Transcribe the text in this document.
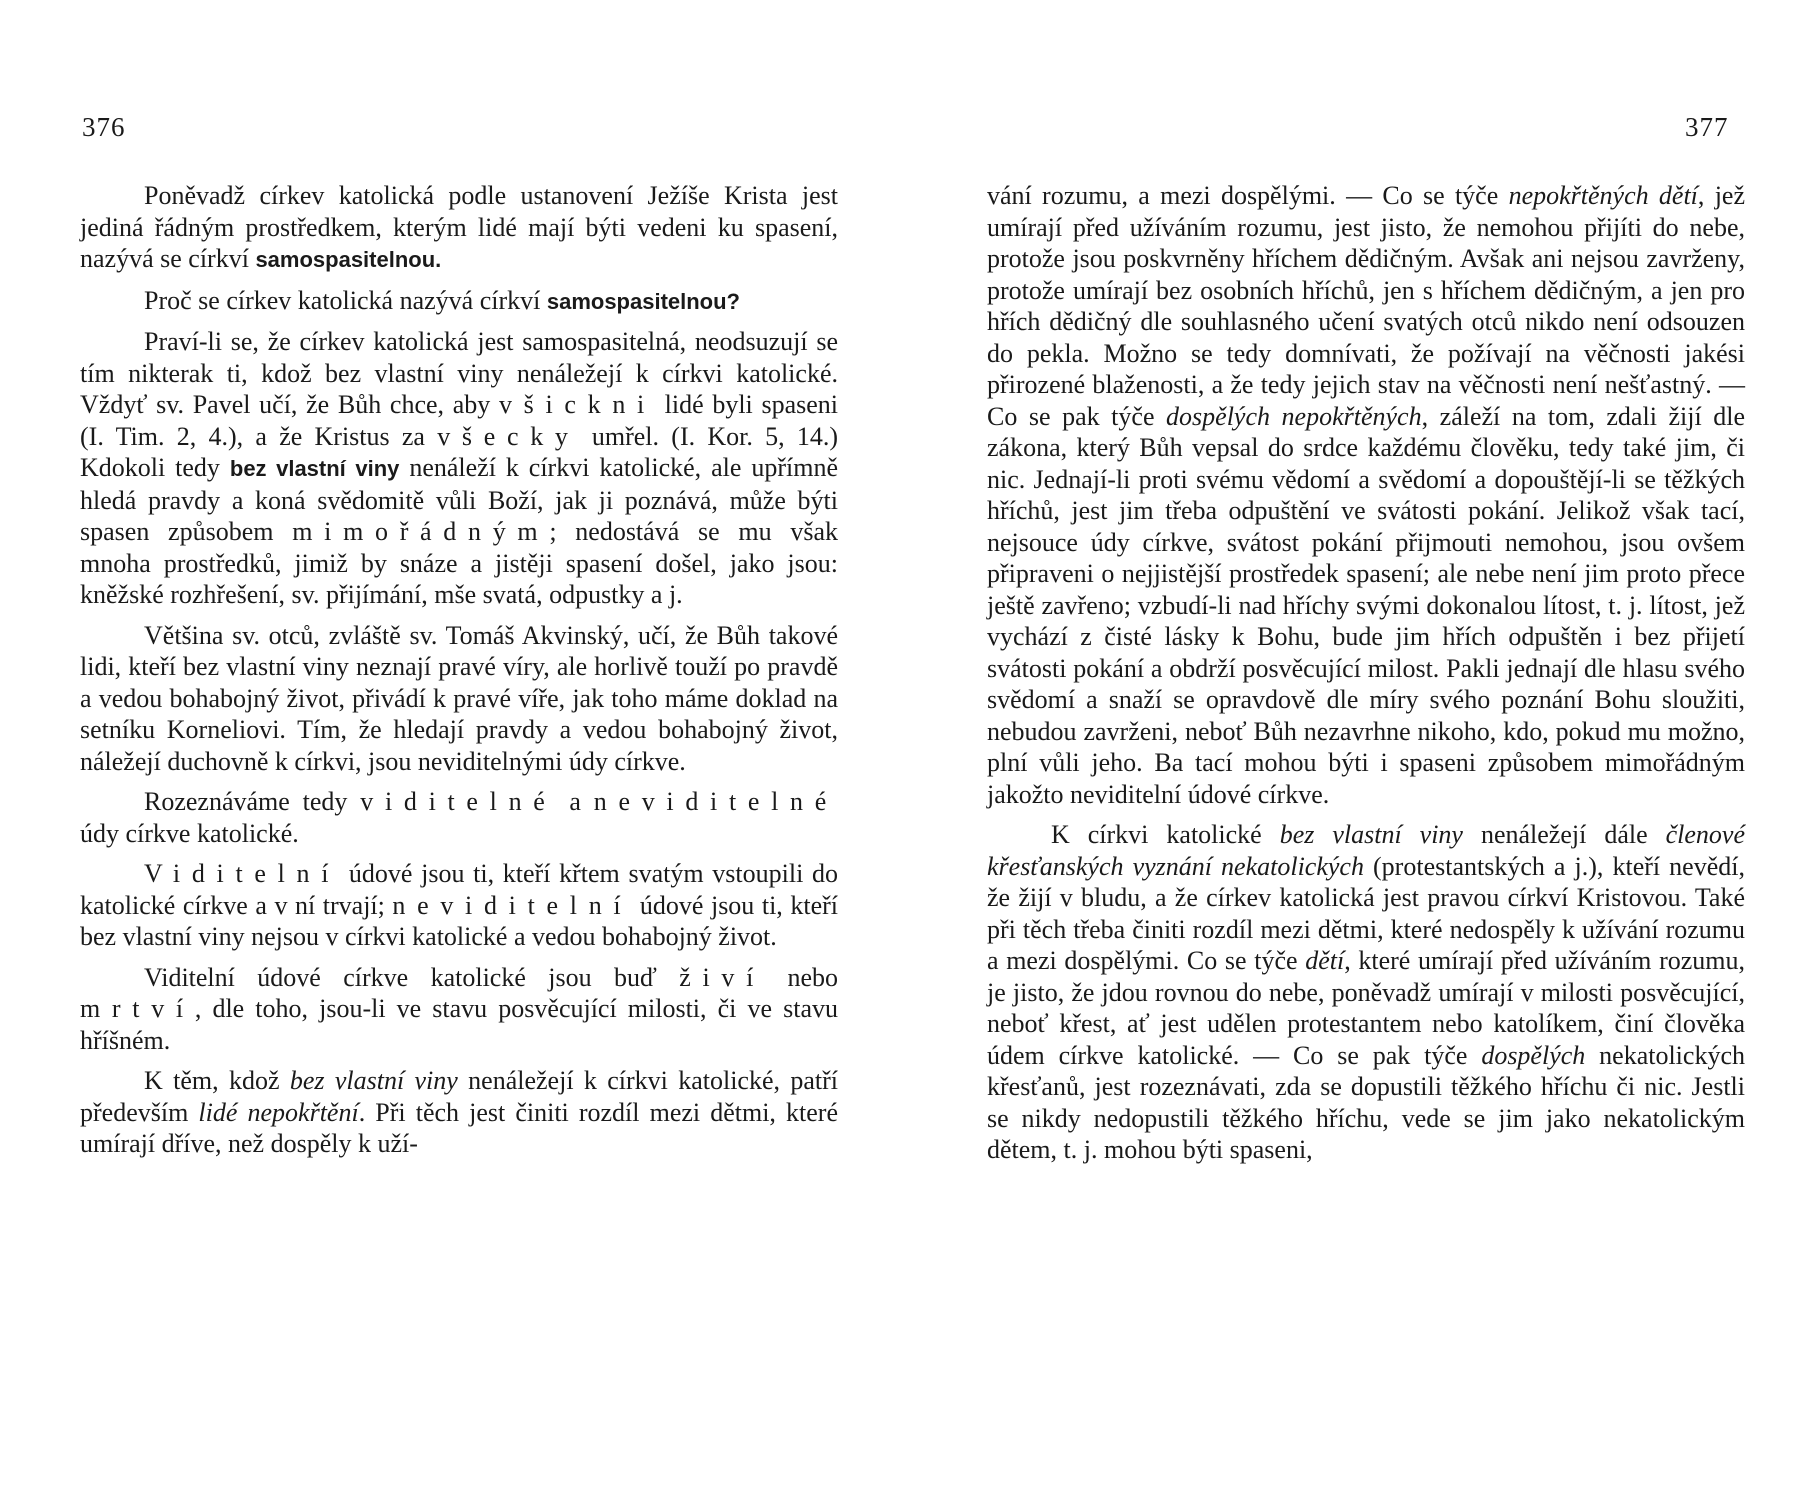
376

Poněvadž církev katolická podle ustanovení Ježíše Krista jest jediná řádným prostředkem, kterým lidé mají býti vedeni ku spasení, nazývá se církví samospasitelnou.

Proč se církev katolická nazývá církví samospasitelnou?

Praví-li se, že církev katolická jest samospasitelná, neodsuzují se tím nikterak ti, kdož bez vlastní viny nenáležejí k církvi katolické. Vždyť sv. Pavel učí, že Bůh chce, aby všickni lidé byli spaseni (I. Tim. 2, 4.), a že Kristus za všecky umřel. (I. Kor. 5, 14.) Kdokoli tedy bez vlastní viny nenáleží k církvi katolické, ale upřímně hledá pravdy a koná svědomitě vůli Boží, jak ji poznává, může býti spasen způsobem mimořádným; nedostává se mu však mnoha prostředků, jimiž by snáze a jistěji spasení došel, jako jsou: kněžské rozhřešení, sv. přijímání, mše svatá, odpustky a j.

Většina sv. otců, zvláště sv. Tomáš Akvinský, učí, že Bůh takové lidi, kteří bez vlastní viny neznají pravé víry, ale horlivě touží po pravdě a vedou bohabojný život, přivádí k pravé víře, jak toho máme doklad na setníku Korneliovi. Tím, že hledají pravdy a vedou bohabojný život, náležejí duchovně k církvi, jsou neviditelnými údy církve.

Rozeznáváme tedy viditelné a neviditelné údy církve katolické.

Viditelní údové jsou ti, kteří křtem svatým vstoupili do katolické církve a v ní trvají; neviditelní údové jsou ti, kteří bez vlastní viny nejsou v církvi katolické a vedou bohabojný život.

Viditelní údové církve katolické jsou buď živí nebo mrtví, dle toho, jsou-li ve stavu posvěcující milosti, či ve stavu hříšném.

K těm, kdož bez vlastní viny nenáležejí k církvi katolické, patří především lidé nepokřtění. Při těch jest činiti rozdíl mezi dětmi, které umírají dříve, než dospěly k uží-

377

vání rozumu, a mezi dospělými. — Co se týče nepokřtěných dětí, jež umírají před užíváním rozumu, jest jisto, že nemohou přijíti do nebe, protože jsou poskvrněny hříchem dědičným. Avšak ani nejsou zavrženy, protože umírají bez osobních hříchů, jen s hříchem dědičným, a jen pro hřích dědičný dle souhlasného učení svatých otců nikdo není odsouzen do pekla. Možno se tedy domnívati, že požívají na věčnosti jakési přirozené blaženosti, a že tedy jejich stav na věčnosti není nešťastný. — Co se pak týče dospělých nepokřtěných, záleží na tom, zdali žijí dle zákona, který Bůh vepsal do srdce každému člověku, tedy také jim, či nic. Jednají-li proti svému vědomí a svědomí a dopouštějí-li se těžkých hříchů, jest jim třeba odpuštění ve svátosti pokání. Jelikož však tací, nejsouce údy církve, svátost pokání přijmouti nemohou, jsou ovšem připraveni o nejjistější prostředek spasení; ale nebe není jim proto přece ještě zavřeno; vzbudí-li nad hříchy svými dokonalou lítost, t. j. lítost, jež vychází z čisté lásky k Bohu, bude jim hřích odpuštěn i bez přijetí svátosti pokání a obdrží posvěcující milost. Pakli jednají dle hlasu svého svědomí a snaží se opravdově dle míry svého poznání Bohu sloužiti, nebudou zavrženi, neboť Bůh nezavrhne nikoho, kdo, pokud mu možno, plní vůli jeho. Ba tací mohou býti i spaseni způsobem mimořádným jakožto neviditelní údové církve.

K církvi katolické bez vlastní viny nenáležejí dále členové křesťanských vyznání nekatolických (protestantských a j.), kteří nevědí, že žijí v bludu, a že církev katolická jest pravou církví Kristovou. Také při těch třeba činiti rozdíl mezi dětmi, které nedospěly k užívání rozumu a mezi dospělými. Co se týče dětí, které umírají před užíváním rozumu, je jisto, že jdou rovnou do nebe, poněvadž umírají v milosti posvěcující, neboť křest, ať jest udělen protestantem nebo katolíkem, činí člověka údem církve katolické. — Co se pak týče dospělých nekatolických křesťanů, jest rozeznávati, zda se dopustili těžkého hříchu či nic. Jestli se nikdy nedopustili těžkého hříchu, vede se jim jako nekatolickým dětem, t. j. mohou býti spaseni,
